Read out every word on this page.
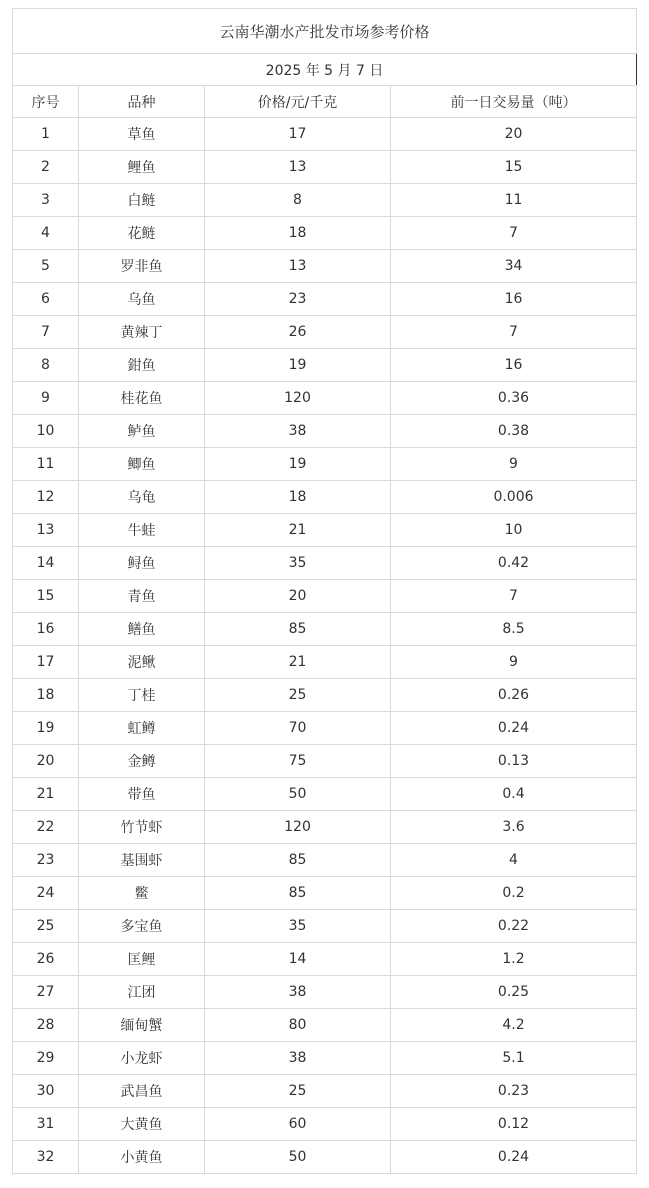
云南华潮水产批发市场参考价格			
2025 年 5 月 7 日			
序号	品种	价格/元/千克	前一日交易量（吨）
1	草鱼	17	20
2	鲤鱼	13	15
3	白鲢	8	11
4	花鲢	18	7
5	罗非鱼	13	34
6	乌鱼	23	16
7	黄辣丁	26	7
8	鉗鱼	19	16
9	桂花鱼	120	0.36
10	鲈鱼	38	0.38
11	鲫鱼	19	9
12	乌龟	18	0.006
13	牛蛙	21	10
14	鲟鱼	35	0.42
15	青鱼	20	7
16	鳝鱼	85	8.5
17	泥鳅	21	9
18	丁桂	25	0.26
19	虹鳟	70	0.24
20	金鳟	75	0.13
21	带鱼	50	0.4
22	竹节虾	120	3.6
23	基围虾	85	4
24	鳖	85	0.2
25	多宝鱼	35	0.22
26	匡鲤	14	1.2
27	江团	38	0.25
28	缅甸蟹	80	4.2
29	小龙虾	38	5.1
30	武昌鱼	25	0.23
31	大黄鱼	60	0.12
32	小黄鱼	50	0.24
